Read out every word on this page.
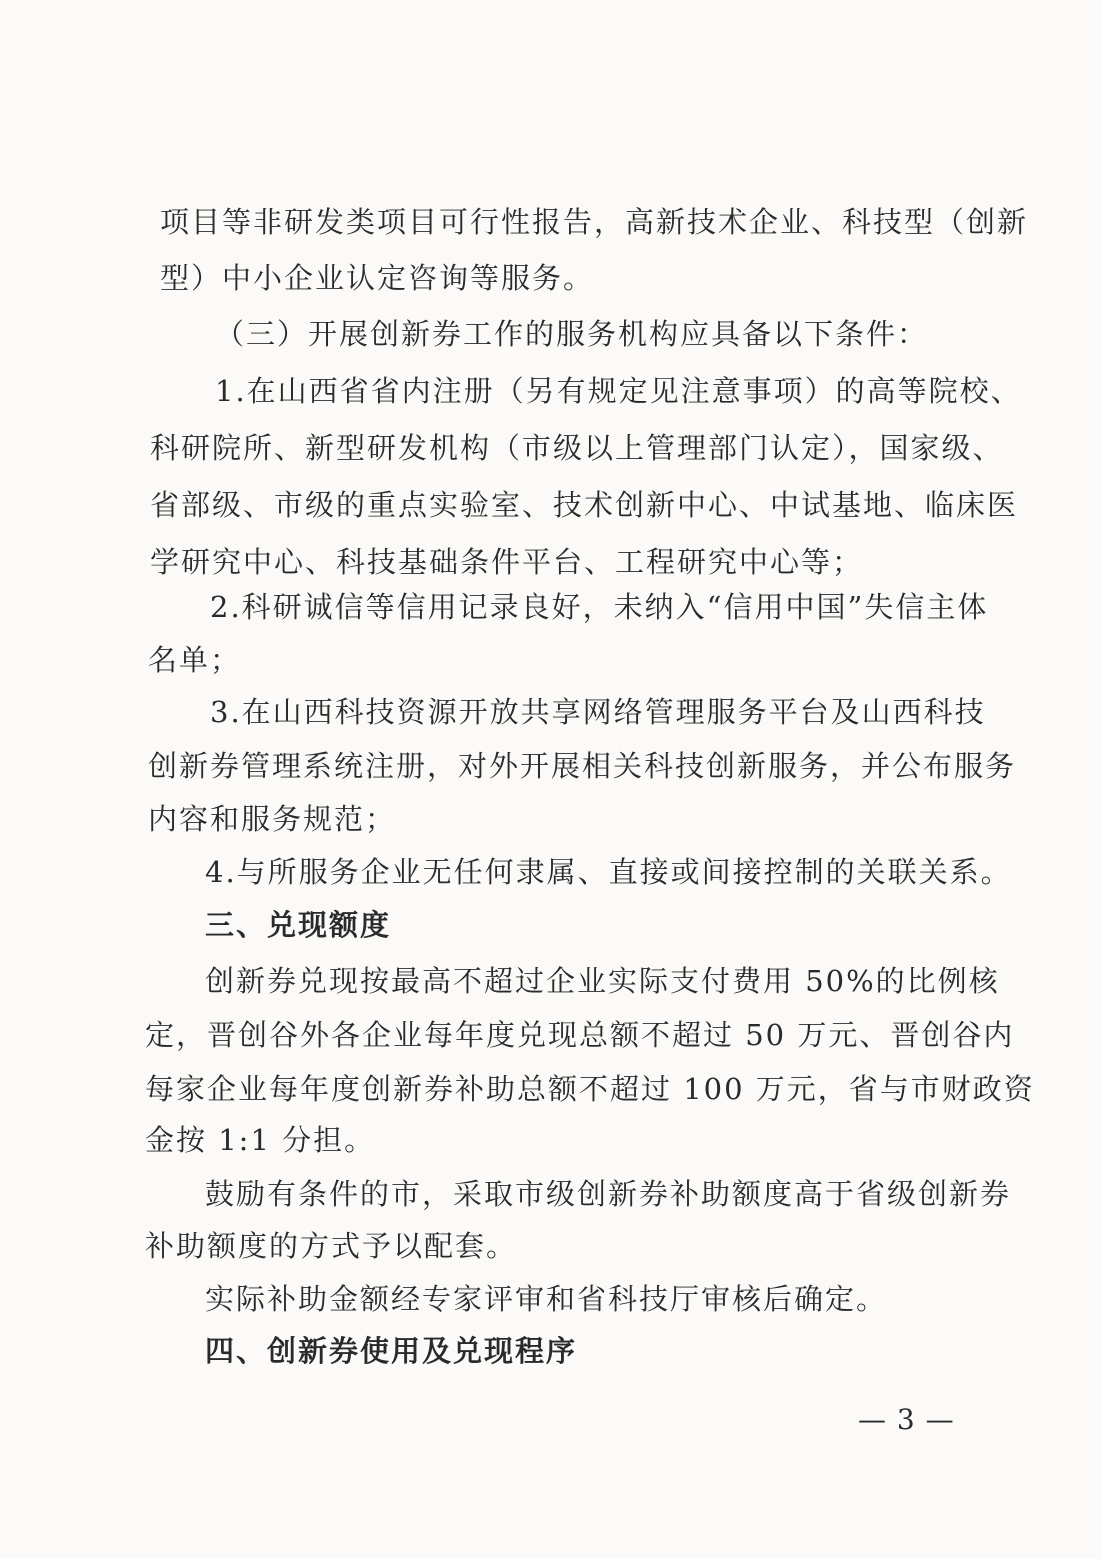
项目等非研发类项目可行性报告，高新技术企业、科技型（创新
型）中小企业认定咨询等服务。
（三）开展创新券工作的服务机构应具备以下条件：
1.在山西省省内注册（另有规定见注意事项）的高等院校、
科研院所、新型研发机构（市级以上管理部门认定），国家级、
省部级、市级的重点实验室、技术创新中心、中试基地、临床医
学研究中心、科技基础条件平台、工程研究中心等；
2.科研诚信等信用记录良好，未纳入“信用中国”失信主体
名单；
3.在山西科技资源开放共享网络管理服务平台及山西科技
创新券管理系统注册，对外开展相关科技创新服务，并公布服务
内容和服务规范；
4.与所服务企业无任何隶属、直接或间接控制的关联关系。
三、兑现额度
创新券兑现按最高不超过企业实际支付费用 50%的比例核
定，晋创谷外各企业每年度兑现总额不超过 50 万元、晋创谷内
每家企业每年度创新券补助总额不超过 100 万元，省与市财政资
金按 1:1 分担。
鼓励有条件的市，采取市级创新券补助额度高于省级创新券
补助额度的方式予以配套。
实际补助金额经专家评审和省科技厅审核后确定。
四、创新券使用及兑现程序
— 3 —
